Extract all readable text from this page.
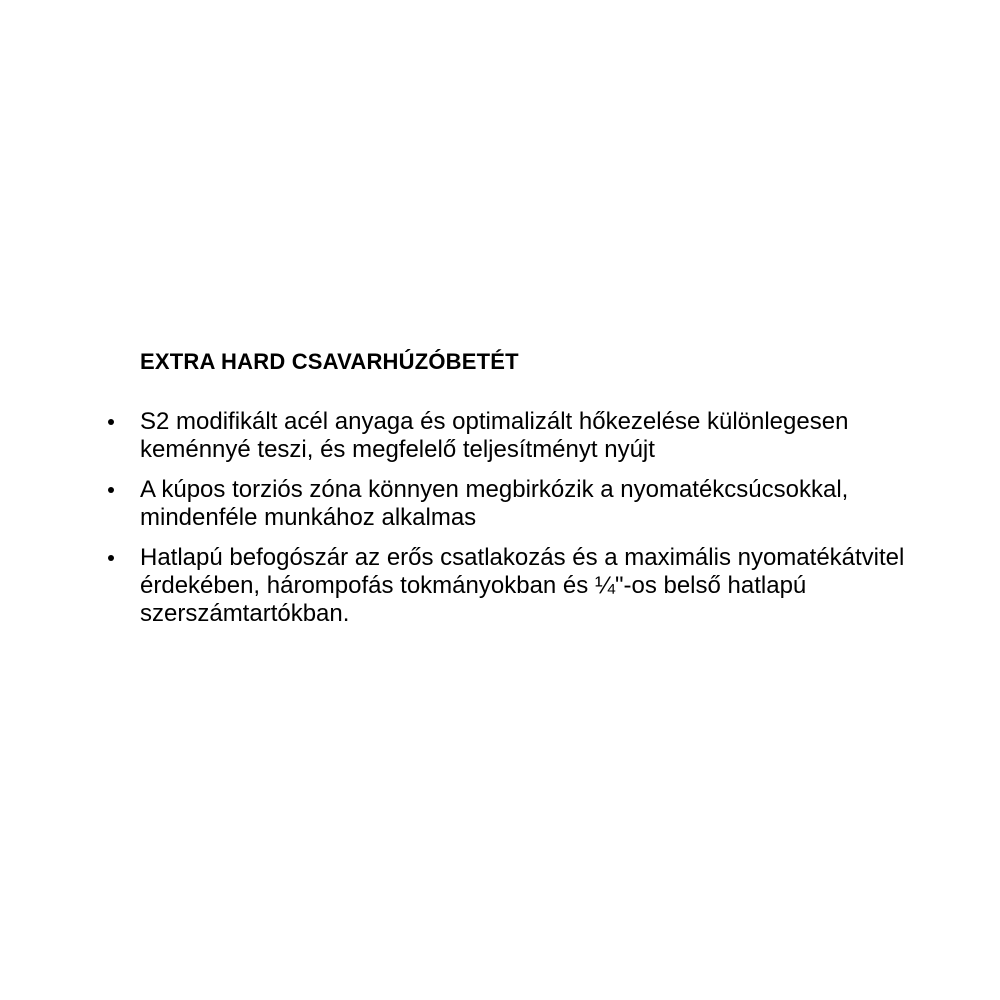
EXTRA HARD CSAVARHÚZÓBETÉT
S2 modifikált acél anyaga és optimalizált hőkezelése különlegesen keménnyé teszi, és megfelelő teljesítményt nyújt
A kúpos torziós zóna könnyen megbirkózik a nyomatékcsúcsokkal, mindenféle munkához alkalmas
Hatlapú befogószár az erős csatlakozás és a maximális nyomatékátvitel érdekében, hárompofás tokmányokban és ¼"-os belső hatlapú szerszámtartókban.
